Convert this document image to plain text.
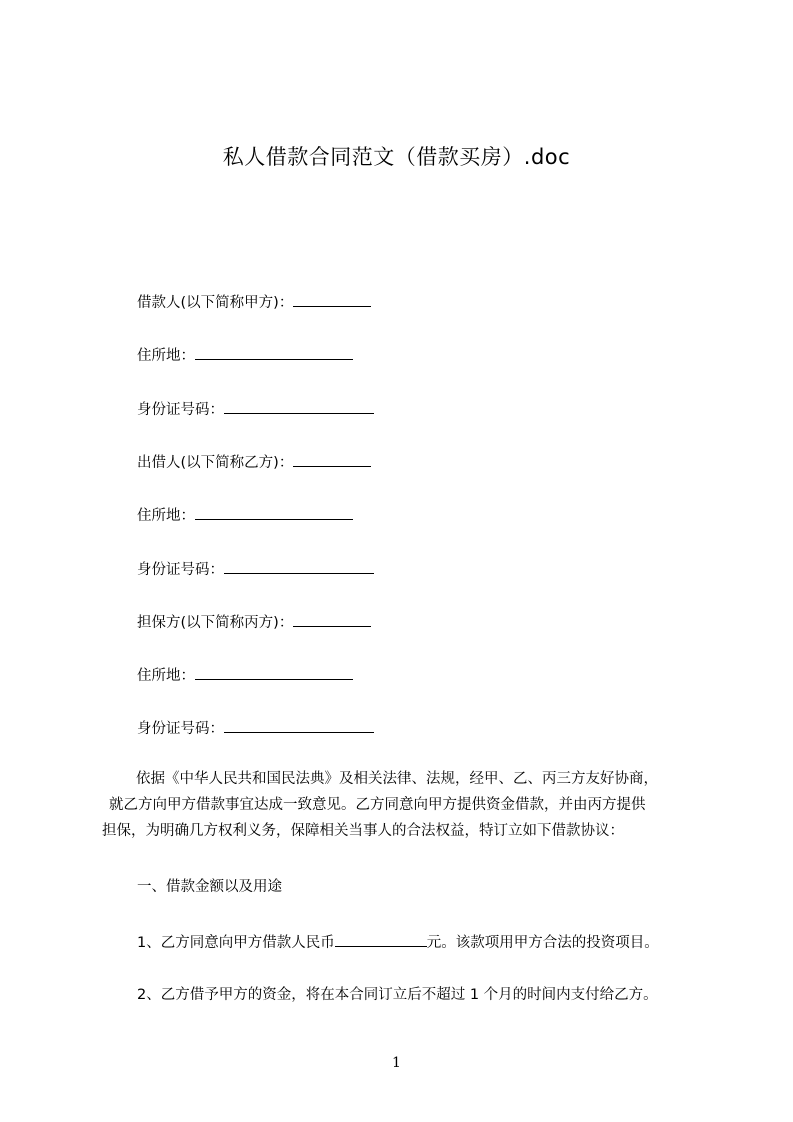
私人借款合同范文（借款买房）.doc
借款人(以下简称甲方)：
住所地：
身份证号码：
出借人(以下简称乙方)：
住所地：
身份证号码：
担保方(以下简称丙方)：
住所地：
身份证号码：
依据《中华人民共和国民法典》及相关法律、法规，经甲、乙、丙三方友好协商，
就乙方向甲方借款事宜达成一致意见。乙方同意向甲方提供资金借款，并由丙方提供
担保，为明确几方权利义务，保障相关当事人的合法权益，特订立如下借款协议：
一、借款金额以及用途
1、乙方同意向甲方借款人民币	元。该款项用甲方合法的投资项目。
2、乙方借予甲方的资金，将在本合同订立后不超过 1 个月的时间内支付给乙方。
1
